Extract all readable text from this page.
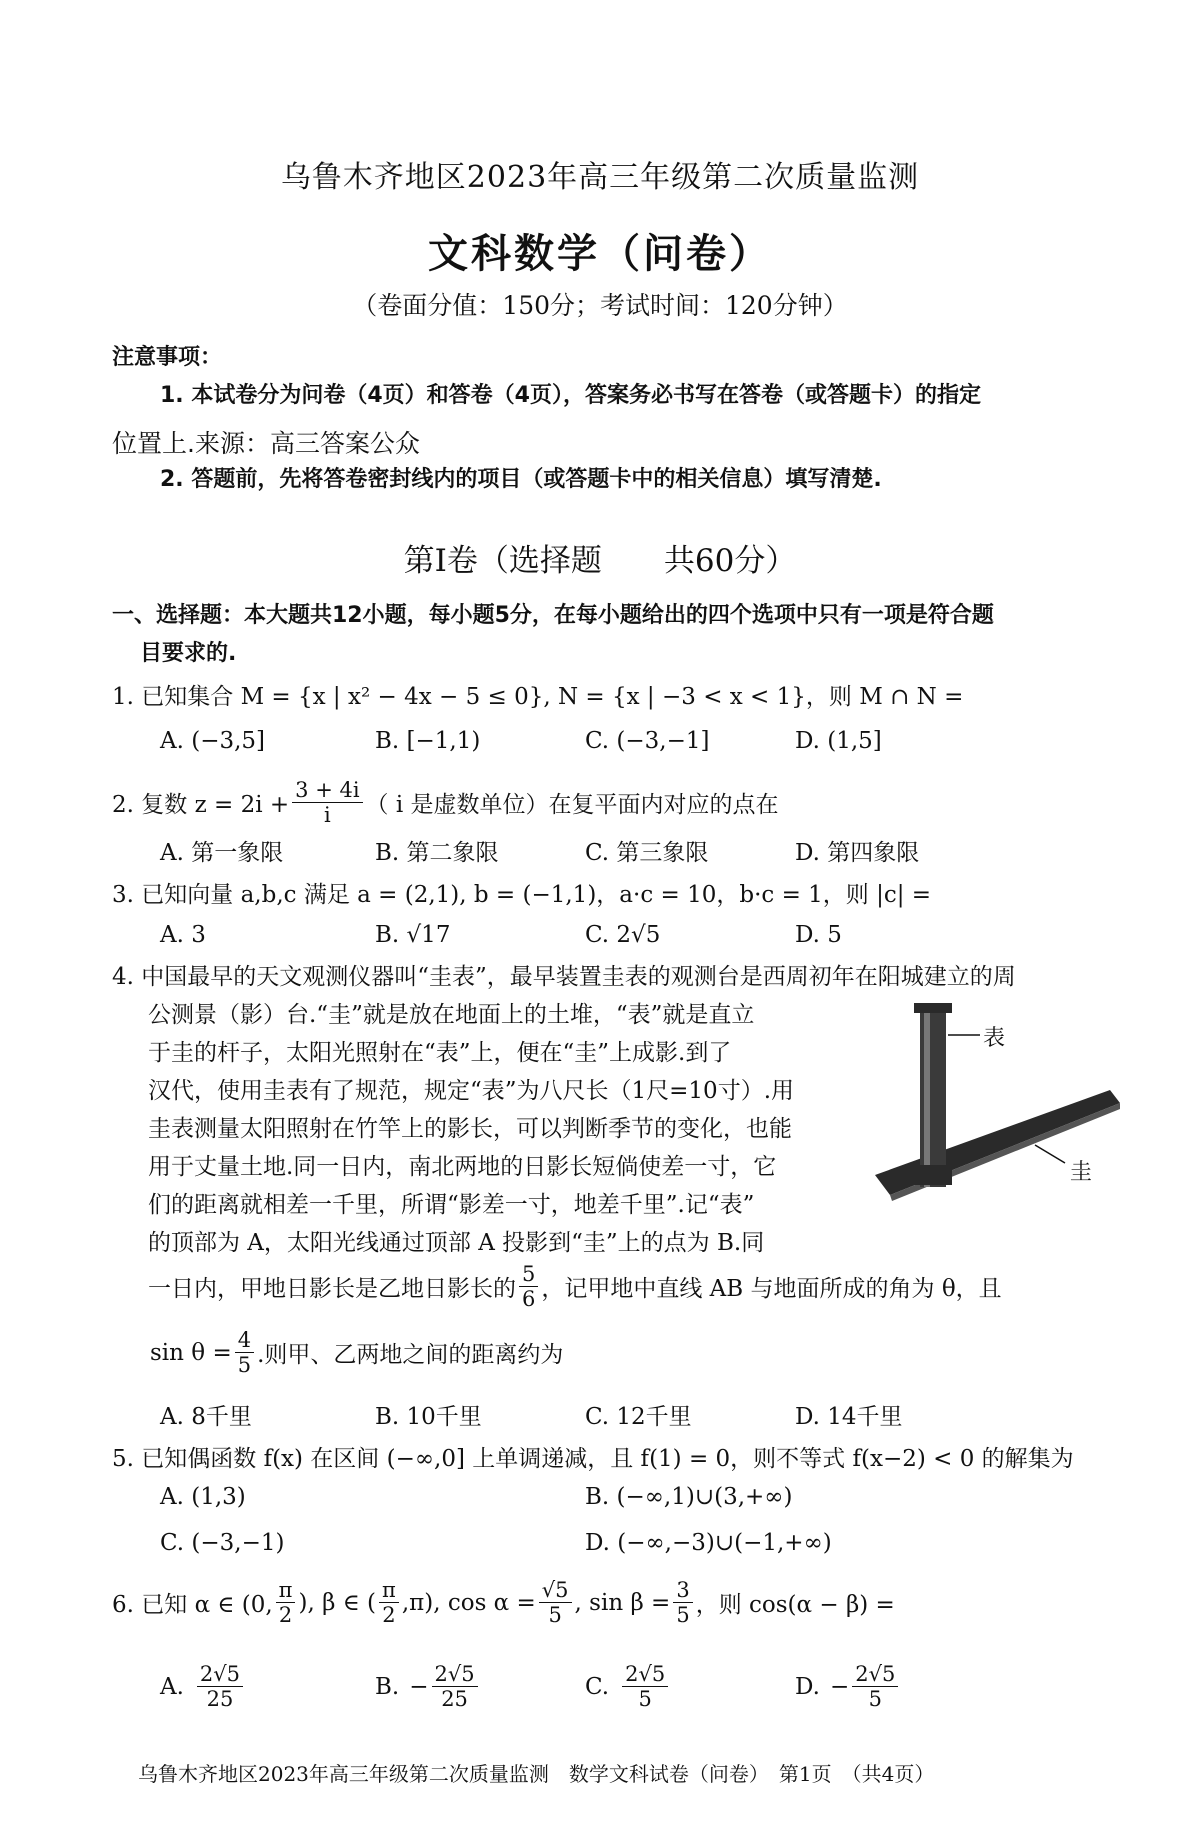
乌鲁木齐地区2023年高三年级第二次质量监测
文科数学（问卷）
（卷面分值：150分；考试时间：120分钟）
注意事项：
1. 本试卷分为问卷（4页）和答卷（4页），答案务必书写在答卷（或答题卡）的指定
位置上.来源：高三答案公众
2. 答题前，先将答卷密封线内的项目（或答题卡中的相关信息）填写清楚.
第Ⅰ卷（选择题　　共60分）
一、选择题：本大题共12小题，每小题5分，在每小题给出的四个选项中只有一项是符合题
目要求的.
1. 已知集合 M = {x | x² − 4x − 5 ≤ 0}, N = {x | −3 < x < 1}，则 M ∩ N =
A. (−3,5]	B. [−1,1)	C. (−3,−1]	D. (1,5]
2. 复数 $z = 2i + \frac{3 + 4i}{i}$ （ i 是虚数单位）在复平面内对应的点在
A. 第一象限	B. 第二象限	C. 第三象限	D. 第四象限
3. 已知向量 a,b,c 满足 a = (2,1), b = (−1,1)，a·c = 10，b·c = 1，则 |c| =
A. 3	B. √17	C. 2√5	D. 5
4. 中国最早的天文观测仪器叫“圭表”，最早装置圭表的观测台是西周初年在阳城建立的周
公测景（影）台.“圭”就是放在地面上的土堆，“表”就是直立
于圭的杆子，太阳光照射在“表”上，便在“圭”上成影.到了
汉代，使用圭表有了规范，规定“表”为八尺长（1尺=10寸）.用
圭表测量太阳照射在竹竿上的影长，可以判断季节的变化，也能
用于丈量土地.同一日内，南北两地的日影长短倘使差一寸，它
们的距离就相差一千里，所谓“影差一寸，地差千里”.记“表”
的顶部为 A，太阳光线通过顶部 A 投影到“圭”上的点为 B.同
一日内，甲地日影长是乙地日影长的 $\frac{5}{6}$ ，记甲地中直线 AB 与地面所成的角为 θ，且
$\sin \theta = \frac{4}{5}$ .则甲、乙两地之间的距离约为
A. 8千里	B. 10千里	C. 12千里	D. 14千里
表
圭
5. 已知偶函数 f(x) 在区间 (−∞,0] 上单调递减，且 f(1) = 0，则不等式 f(x−2) < 0 的解集为
A. (1,3)	B. (−∞,1)∪(3,+∞)
C. (−3,−1)	D. (−∞,−3)∪(−1,+∞)
6. 已知 α ∈ (0, $\frac{\pi}{2}$ ), β ∈ ( $\frac{\pi}{2} ,\pi$), $\cos \alpha = \frac{√5}{5}$ , $\sin \beta = \frac{3}{5}$ ，则 cos(α − β) =
A. $\frac{2√5}{25}$	B. − $\frac{2√5}{25}$	C. $\frac{2√5}{5}$	D. − $\frac{2√5}{5}$
乌鲁木齐地区2023年高三年级第二次质量监测　数学文科试卷（问卷）　第1页　（共4页）
